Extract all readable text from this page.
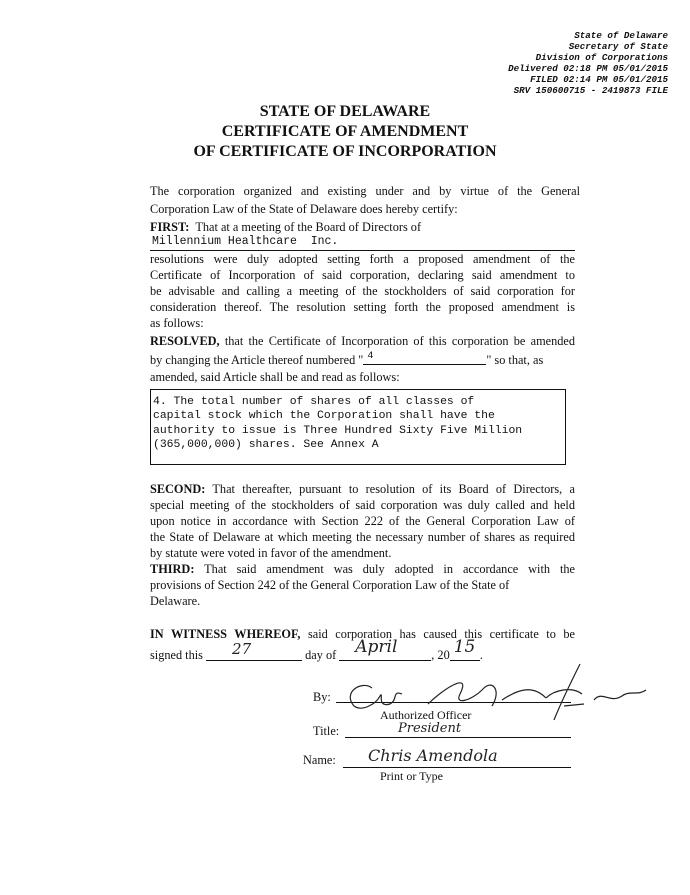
State of Delaware
Secretary of State
Division of Corporations
Delivered 02:18 PM 05/01/2015
FILED 02:14 PM 05/01/2015
SRV 150600715 - 2419873 FILE
STATE OF DELAWARE
CERTIFICATE OF AMENDMENT
OF CERTIFICATE OF INCORPORATION
The corporation organized and existing under and by virtue of the General
Corporation Law of the State of Delaware does hereby certify:
FIRST: That at a meeting of the Board of Directors of
Millennium Healthcare  Inc.
resolutions were duly adopted setting forth a proposed amendment of the
Certificate of Incorporation of said corporation, declaring said amendment to
be advisable and calling a meeting of the stockholders of said corporation for
consideration thereof. The resolution setting forth the proposed amendment is
as follows:
RESOLVED, that the Certificate of Incorporation of this corporation be amended
by changing the Article thereof numbered " 4	" so that, as
amended, said Article shall be and read as follows:
4. The total number of shares of all classes of
capital stock which the Corporation shall have the
authority to issue is Three Hundred Sixty Five Million
(365,000,000) shares. See Annex A
SECOND: That thereafter, pursuant to resolution of its Board of Directors, a
special meeting of the stockholders of said corporation was duly called and held
upon notice in accordance with Section 222 of the General Corporation Law of
the State of Delaware at which meeting the necessary number of shares as required
by statute were voted in favor of the amendment.
THIRD: That said amendment was duly adopted in accordance with the
provisions of Section 242 of the General Corporation Law of the State of
Delaware.
IN WITNESS WHEREOF, said corporation has caused this certificate to be
signed this 27	day of April	, 20 15 .
By:
Authorized Officer
Title:	President
Name: Chris Amendola
Print or Type
